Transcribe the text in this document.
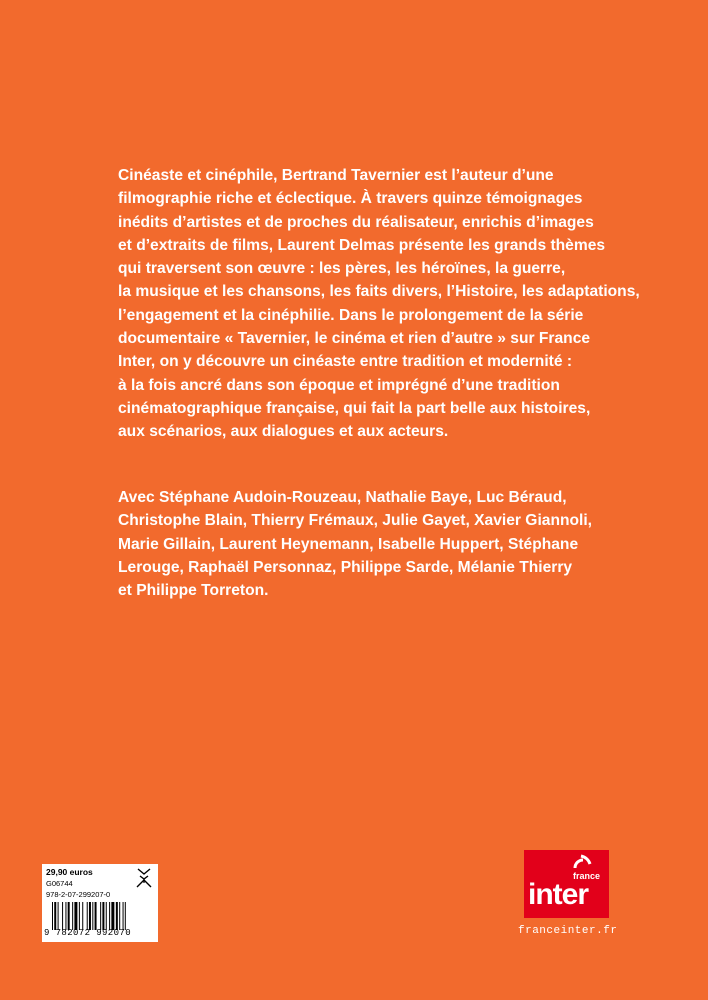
Cinéaste et cinéphile, Bertrand Tavernier est l’auteur d’une
filmographie riche et éclectique. À travers quinze témoignages
inédits d’artistes et de proches du réalisateur, enrichis d’images
et d’extraits de films, Laurent Delmas présente les grands thèmes
qui traversent son œuvre : les pères, les héroïnes, la guerre,
la musique et les chansons, les faits divers, l’Histoire, les adaptations,
l’engagement et la cinéphilie. Dans le prolongement de la série
documentaire « Tavernier, le cinéma et rien d’autre » sur France
Inter, on y découvre un cinéaste entre tradition et modernité :
à la fois ancré dans son époque et imprégné d’une tradition
cinématographique française, qui fait la part belle aux histoires,
aux scénarios, aux dialogues et aux acteurs.
Avec Stéphane Audoin-Rouzeau, Nathalie Baye, Luc Béraud,
Christophe Blain, Thierry Frémaux, Julie Gayet, Xavier Giannoli,
Marie Gillain, Laurent Heynemann, Isabelle Huppert, Stéphane
Lerouge, Raphaël Personnaz, Philippe Sarde, Mélanie Thierry
et Philippe Torreton.
29,90 euros
G06744
978-2-07-299207-0
9 782072 992070
france
inter
franceinter.fr
